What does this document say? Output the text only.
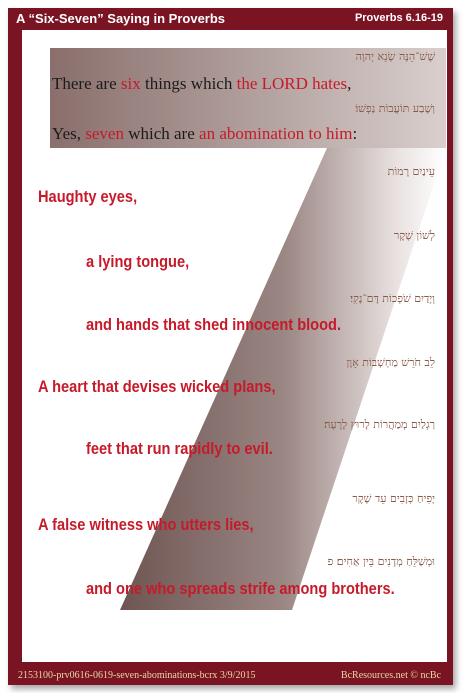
A “Six-Seven” Saying in Proverbs	Proverbs 6.16-19
שֶׁשׁ־הֵנָּה שָׂנֵא יְהוָה
There are six things which the LORD hates,
וְשֶׁבַע תּוֹעֲבוֹת נַפְשׁוֹ׃
Yes, seven which are an abomination to him:
עֵינַיִם רָמוֹת
Haughty eyes,
לְשׁוֹן שָׁקֶר
a lying tongue,
וְיָדַיִם שֹׁפְכוֹת דָּם־נָקִי׃
and hands that shed innocent blood.
לֵב חֹרֵשׁ מַחְשְׁבוֹת אָוֶן
A heart that devises wicked plans,
רַגְלַיִם מְמַהֲרוֹת לָרוּץ לָרָעָה׃
feet that run rapidly to evil.
יָפִיחַ כְּזָבִים עֵד שָׁקֶר
A false witness who utters lies,
וּמְשַׁלֵּחַ מְדָנִים בֵּין אַחִים׃ פ
and one who spreads strife among brothers.
2153100-prv0616-0619-seven-abominations-bcrx 3/9/2015	BcResources.net © ncBc
